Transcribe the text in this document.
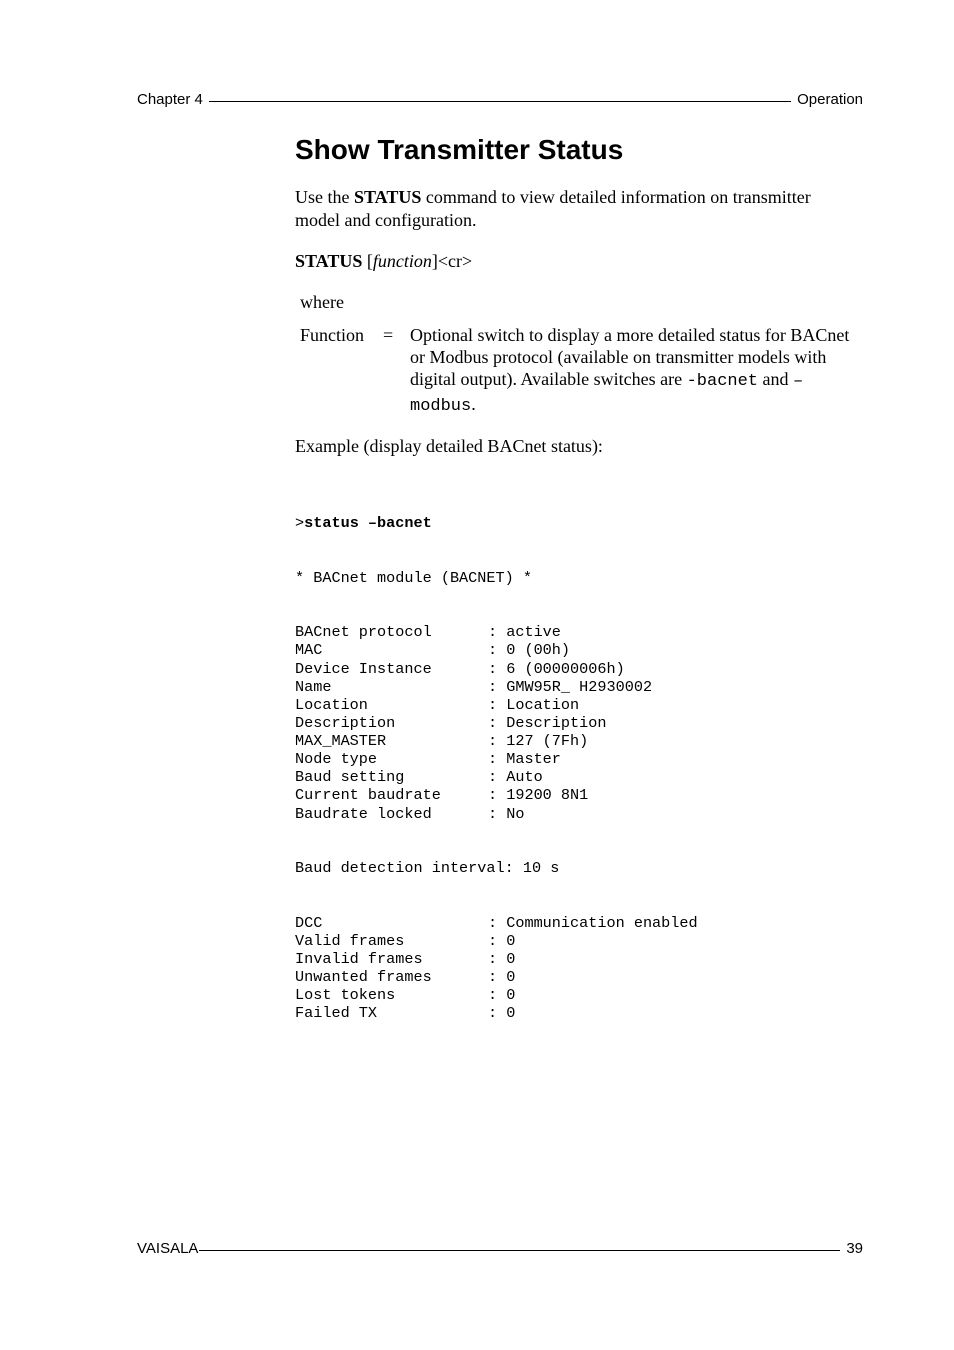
Chapter 4	Operation
Show Transmitter Status

Use the STATUS command to view detailed information on transmitter model and configuration.

STATUS [function]<cr>

where

Function = Optional switch to display a more detailed status for BACnet or Modbus protocol (available on transmitter models with digital output). Available switches are -bacnet and –modbus.

Example (display detailed BACnet status):

>status –bacnet

* BACnet module (BACNET) *

BACnet protocol	: active
MAC	: 0 (00h)
Device Instance	: 6 (00000006h)
Name	: GMW95R_ H2930002
Location	: Location
Description	: Description
MAX_MASTER	: 127 (7Fh)
Node type	: Master
Baud setting	: Auto
Current baudrate	: 19200 8N1
Baudrate locked	: No

Baud detection interval: 10 s

DCC	: Communication enabled
Valid frames	: 0
Invalid frames	: 0
Unwanted frames	: 0
Lost tokens	: 0
Failed TX	: 0

VAISALA	39
